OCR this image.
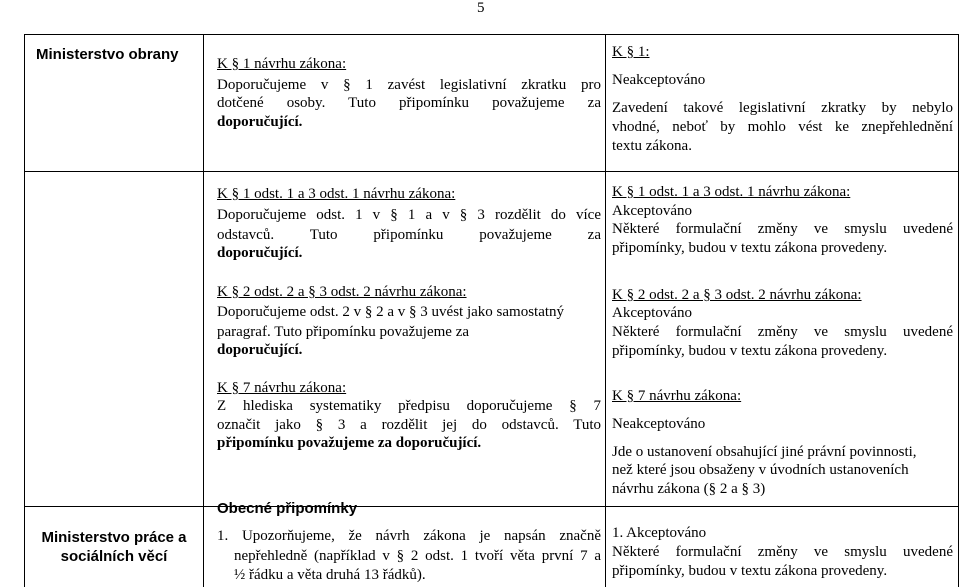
5
Ministerstvo obrany
K § 1 návrhu zákona:
Doporučujeme v § 1 zavést legislativní zkratku pro
dotčené osoby. Tuto připomínku považujeme za
doporučující.
K § 1:
Neakceptováno
Zavedení takové legislativní zkratky by nebylo
vhodné, neboť by mohlo vést ke znepřehlednění
textu zákona.
K § 1 odst. 1 a 3 odst. 1 návrhu zákona:
Doporučujeme odst. 1 v § 1 a v § 3 rozdělit do více
odstavců. Tuto připomínku považujeme za
doporučující.
K § 2 odst. 2 a § 3 odst. 2 návrhu zákona:
Doporučujeme odst. 2 v § 2 a v § 3 uvést jako samostatný
paragraf. Tuto připomínku považujeme za
doporučující.
K § 7 návrhu zákona:
Z hlediska systematiky předpisu doporučujeme § 7
označit jako § 3 a rozdělit jej do odstavců. Tuto
připomínku považujeme za doporučující.
K § 1 odst. 1 a 3 odst. 1 návrhu zákona:
Akceptováno
Některé formulační změny ve smyslu uvedené
připomínky, budou v textu zákona provedeny.
K § 2 odst. 2 a § 3 odst. 2 návrhu zákona:
Akceptováno
Některé formulační změny ve smyslu uvedené
připomínky, budou v textu zákona provedeny.
K § 7 návrhu zákona:
Neakceptováno
Jde o ustanovení obsahující jiné právní povinnosti,
než které jsou obsaženy v úvodních ustanoveních
návrhu zákona (§ 2 a § 3)
Ministerstvo práce a
sociálních věcí
Obecné připomínky
1. Upozorňujeme, že návrh zákona je napsán značně
nepřehledně (například v § 2 odst. 1 tvoří věta první 7 a
½ řádku a věta druhá 13 řádků).
1. Akceptováno
Některé formulační změny ve smyslu uvedené
připomínky, budou v textu zákona provedeny.
